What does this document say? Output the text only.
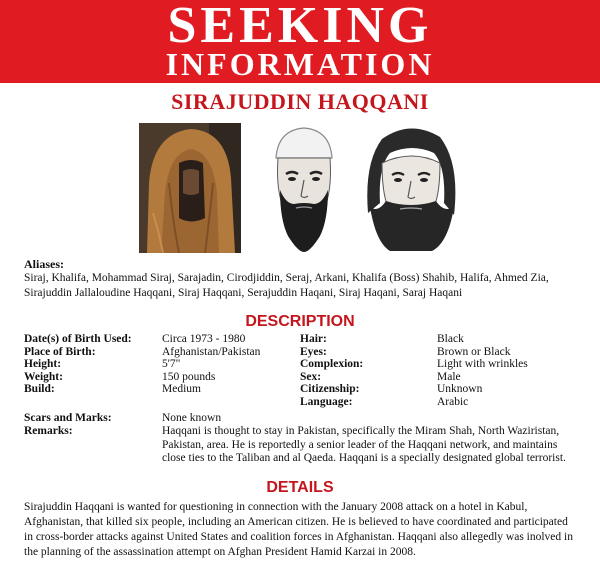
SEEKING
INFORMATION
SIRAJUDDIN HAQQANI
Aliases:
Siraj, Khalifa, Mohammad Siraj, Sarajadin, Cirodjiddin, Seraj, Arkani, Khalifa (Boss) Shahib, Halifa, Ahmed Zia, Sirajuddin Jallaloudine Haqqani, Siraj Haqqani, Serajuddin Haqani, Siraj Haqani, Saraj Haqani
DESCRIPTION
Date(s) of Birth Used:
Place of Birth:
Height:
Weight:
Build:
Circa 1973 - 1980
Afghanistan/Pakistan
5'7"
150 pounds
Medium
Hair:
Eyes:
Complexion:
Sex:
Citizenship:
Language:
Black
Brown or Black
Light with wrinkles
Male
Unknown
Arabic
Scars and Marks:
Remarks:
None known
Haqqani is thought to stay in Pakistan, specifically the Miram Shah, North Waziristan, Pakistan, area. He is reportedly a senior leader of the Haqqani network, and maintains close ties to the Taliban and al Qaeda. Haqqani is a specially designated global terrorist.
DETAILS
Sirajuddin Haqqani is wanted for questioning in connection with the January 2008 attack on a hotel in Kabul, Afghanistan, that killed six people, including an American citizen. He is believed to have coordinated and participated in cross-border attacks against United States and coalition forces in Afghanistan. Haqqani also allegedly was inolved in the planning of the assassination attempt on Afghan President Hamid Karzai in 2008.
